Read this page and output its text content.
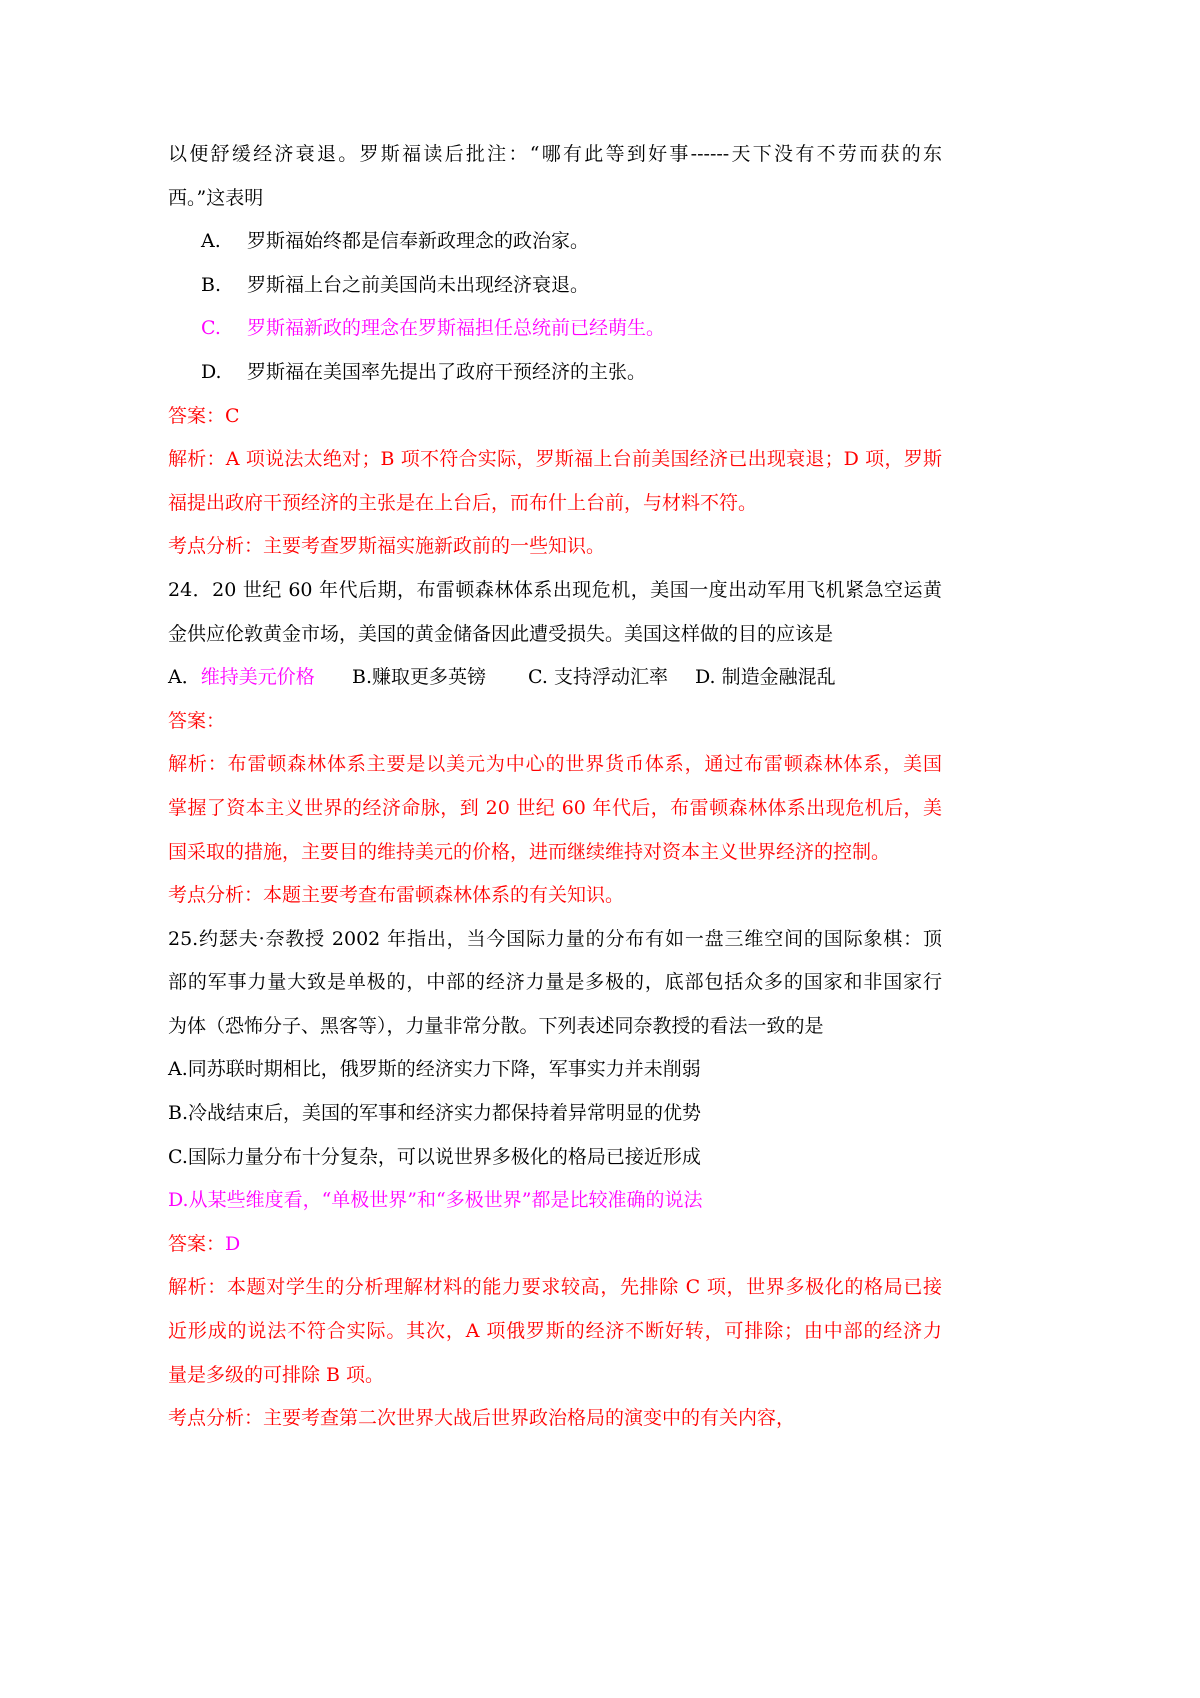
以便舒缓经济衰退。罗斯福读后批注：“哪有此等到好事------天下没有不劳而获的东
西。”这表明
A. 罗斯福始终都是信奉新政理念的政治家。
B. 罗斯福上台之前美国尚未出现经济衰退。
C. 罗斯福新政的理念在罗斯福担任总统前已经萌生。
D. 罗斯福在美国率先提出了政府干预经济的主张。
答案：C
解析：A 项说法太绝对；B 项不符合实际，罗斯福上台前美国经济已出现衰退；D 项，罗斯
福提出政府干预经济的主张是在上台后，而布什上台前，与材料不符。
考点分析：主要考查罗斯福实施新政前的一些知识。
24．20 世纪 60 年代后期，布雷顿森林体系出现危机，美国一度出动军用飞机紧急空运黄
金供应伦敦黄金市场，美国的黄金储备因此遭受损失。美国这样做的目的应该是
A．维持美元价格 B.赚取更多英镑 C. 支持浮动汇率 D. 制造金融混乱
答案：
解析：布雷顿森林体系主要是以美元为中心的世界货币体系，通过布雷顿森林体系，美国
掌握了资本主义世界的经济命脉，到 20 世纪 60 年代后，布雷顿森林体系出现危机后，美
国采取的措施，主要目的维持美元的价格，进而继续维持对资本主义世界经济的控制。
考点分析：本题主要考查布雷顿森林体系的有关知识。
25.约瑟夫·奈教授 2002 年指出，当今国际力量的分布有如一盘三维空间的国际象棋：顶
部的军事力量大致是单极的，中部的经济力量是多极的，底部包括众多的国家和非国家行
为体（恐怖分子、黑客等），力量非常分散。下列表述同奈教授的看法一致的是
A.同苏联时期相比，俄罗斯的经济实力下降，军事实力并未削弱
B.冷战结束后，美国的军事和经济实力都保持着异常明显的优势
C.国际力量分布十分复杂，可以说世界多极化的格局已接近形成
D.从某些维度看，“单极世界”和“多极世界”都是比较准确的说法
答案：D
解析：本题对学生的分析理解材料的能力要求较高，先排除 C 项，世界多极化的格局已接
近形成的说法不符合实际。其次，A 项俄罗斯的经济不断好转，可排除；由中部的经济力
量是多级的可排除 B 项。
考点分析：主要考查第二次世界大战后世界政治格局的演变中的有关内容，
